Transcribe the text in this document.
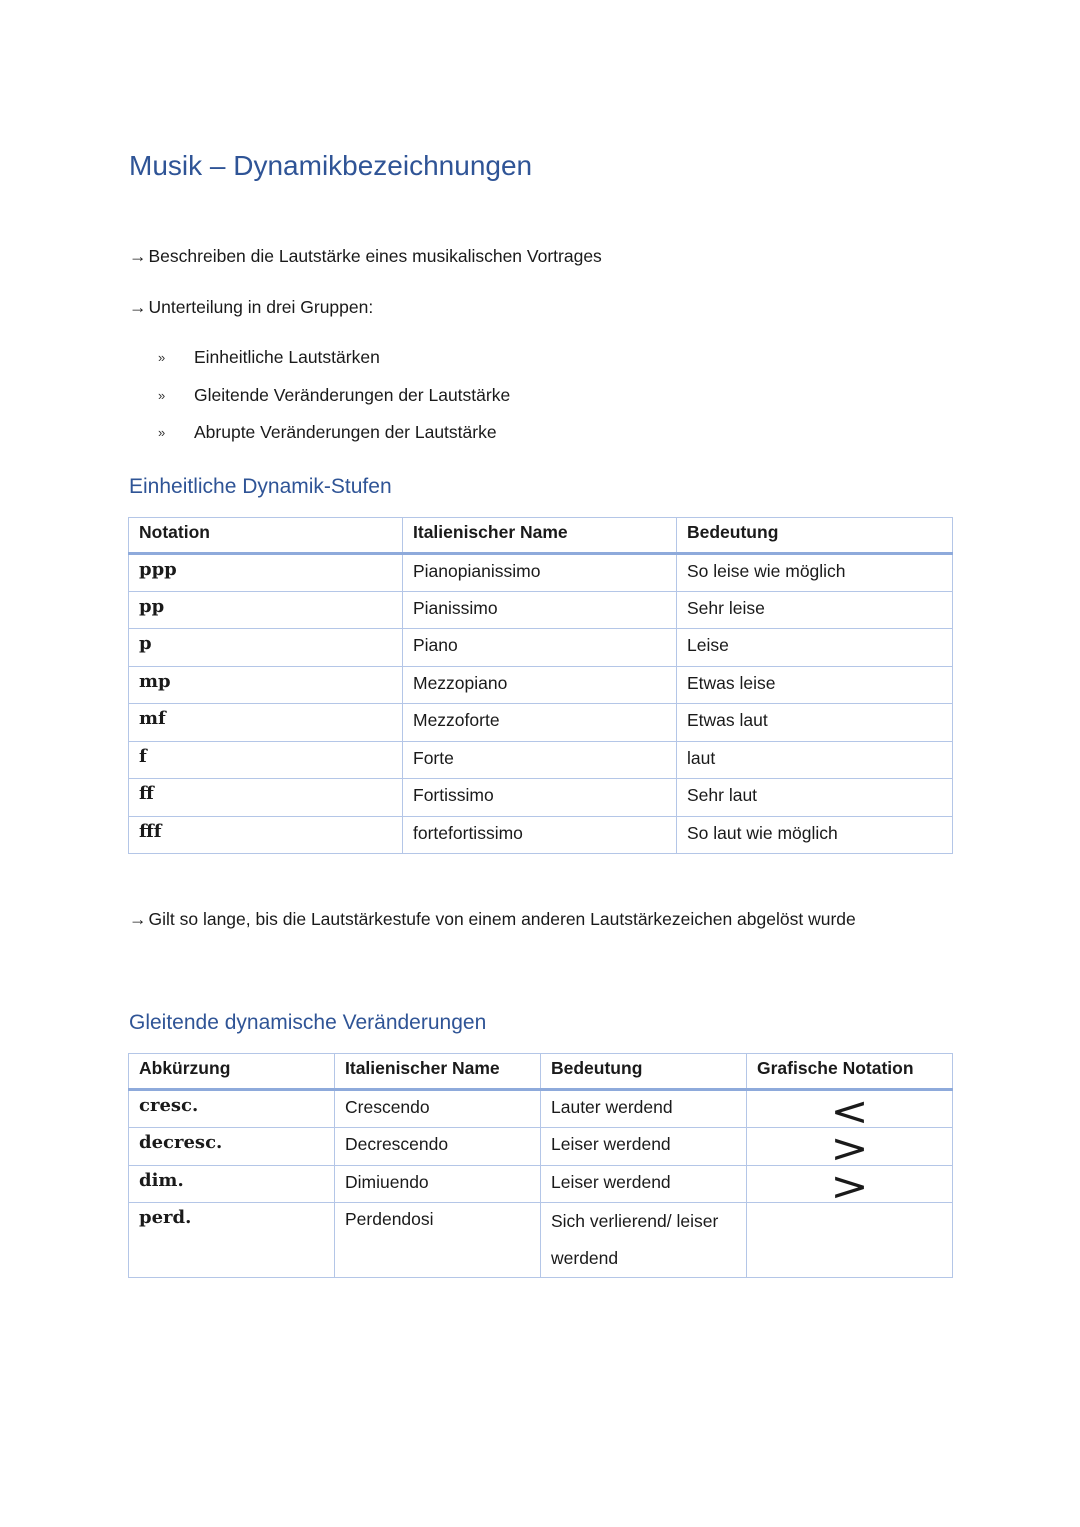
Musik – Dynamikbezeichnungen

→ Beschreiben die Lautstärke eines musikalischen Vortrages

→ Unterteilung in drei Gruppen:

»	Einheitliche Lautstärken
»	Gleitende Veränderungen der Lautstärke
»	Abrupte Veränderungen der Lautstärke
Einheitliche Dynamik-Stufen
Notation	Italienischer Name	Bedeutung
ppp	Pianopianissimo	So leise wie möglich
pp	Pianissimo	Sehr leise
p	Piano	Leise
mp	Mezzopiano	Etwas leise
mf	Mezzoforte	Etwas laut
f	Forte	laut
ff	Fortissimo	Sehr laut
fff	fortefortissimo	So laut wie möglich

→ Gilt so lange, bis die Lautstärkestufe von einem anderen Lautstärkezeichen abgelöst wurde

Gleitende dynamische Veränderungen
Abkürzung	Italienischer Name	Bedeutung	Grafische Notation
cresc.	Crescendo	Lauter werdend	<

decresc.	Decrescendo	Leiser werdend	>

dim.	Dimiuendo	Leiser werdend	>

perd.	Perdendosi	Sich verlierend/ leiser werdend	
